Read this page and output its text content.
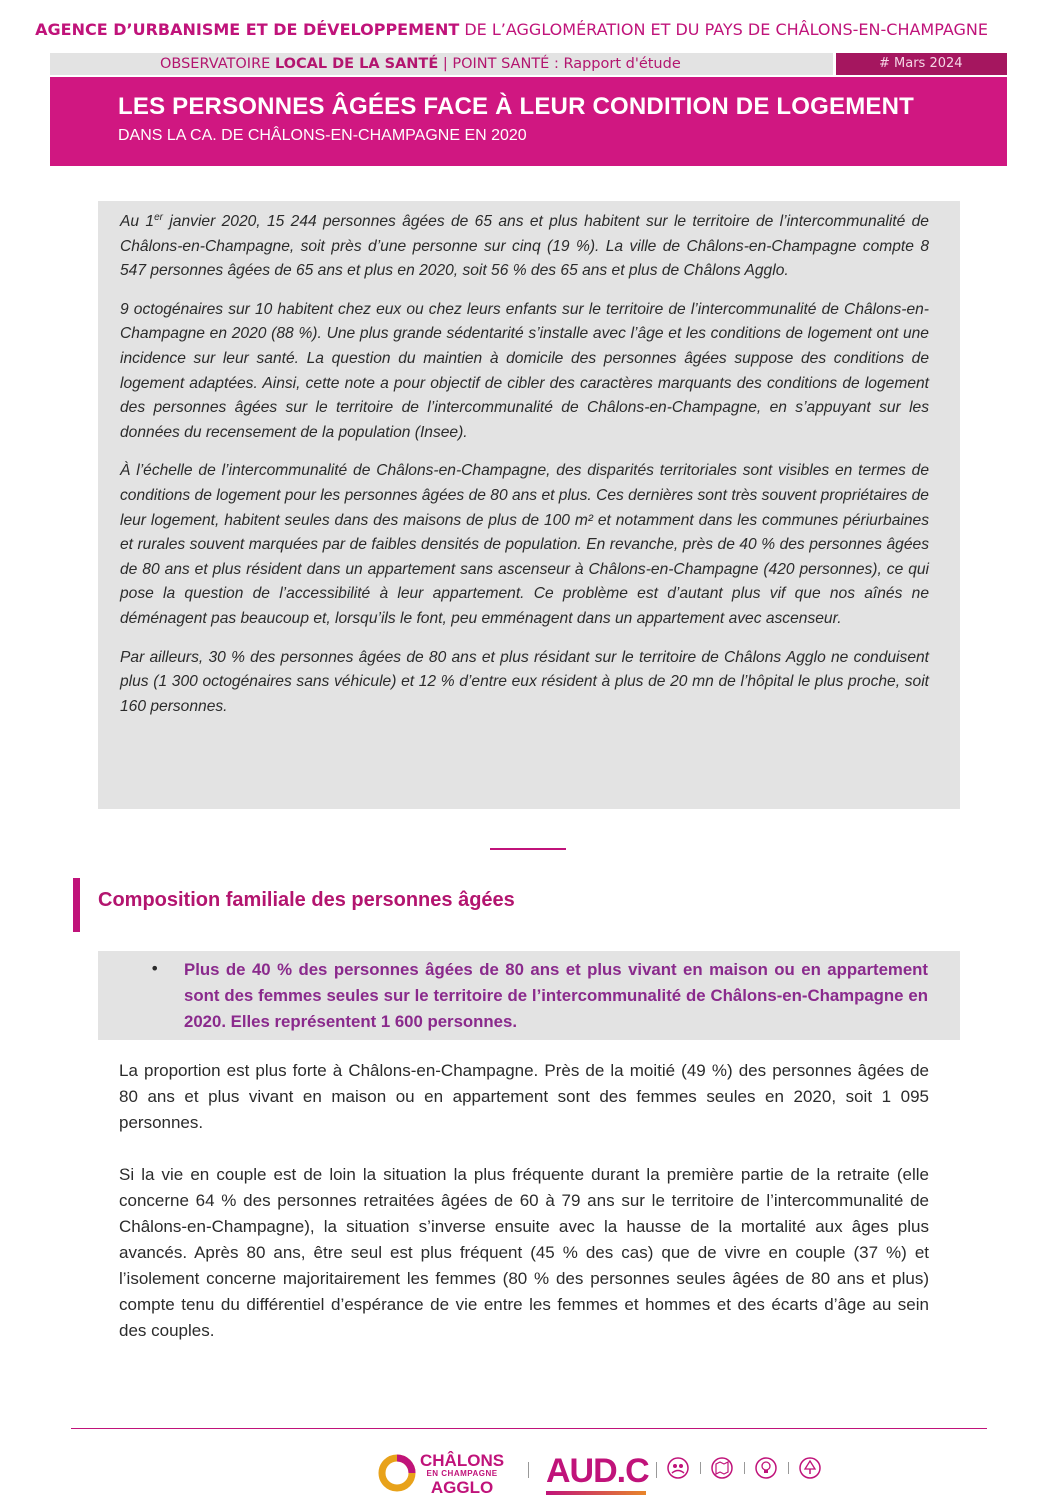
AGENCE D’URBANISME ET DE DÉVELOPPEMENT DE L’AGGLOMÉRATION ET DU PAYS DE CHÂLONS-EN-CHAMPAGNE
OBSERVATOIRE LOCAL DE LA SANTÉ | POINT SANTÉ : Rapport d'étude	# Mars 2024
LES PERSONNES ÂGÉES FACE À LEUR CONDITION DE LOGEMENT
DANS LA CA. DE CHÂLONS-EN-CHAMPAGNE EN 2020

Au 1er janvier 2020, 15 244 personnes âgées de 65 ans et plus habitent sur le territoire de l’intercommunalité de Châlons-en-Champagne, soit près d’une personne sur cinq (19 %). La ville de Châlons-en-Champagne compte 8 547 personnes âgées de 65 ans et plus en 2020, soit 56 % des 65 ans et plus de Châlons Agglo.

9 octogénaires sur 10 habitent chez eux ou chez leurs enfants sur le territoire de l’intercommunalité de Châlons-en-Champagne en 2020 (88 %). Une plus grande sédentarité s’installe avec l’âge et les conditions de logement ont une incidence sur leur santé. La question du maintien à domicile des personnes âgées suppose des conditions de logement adaptées. Ainsi, cette note a pour objectif de cibler des caractères marquants des conditions de logement des personnes âgées sur le territoire de l’intercommunalité de Châlons-en-Champagne, en s’appuyant sur les données du recensement de la population (Insee).

À l’échelle de l’intercommunalité de Châlons-en-Champagne, des disparités territoriales sont visibles en termes de conditions de logement pour les personnes âgées de 80 ans et plus. Ces dernières sont très souvent propriétaires de leur logement, habitent seules dans des maisons de plus de 100 m² et notamment dans les communes périurbaines et rurales souvent marquées par de faibles densités de population. En revanche, près de 40 % des personnes âgées de 80 ans et plus résident dans un appartement sans ascenseur à Châlons-en-Champagne (420 personnes), ce qui pose la question de l’accessibilité à leur appartement. Ce problème est d’autant plus vif que nos aînés ne déménagent pas beaucoup et, lorsqu’ils le font, peu emménagent dans un appartement avec ascenseur.

Par ailleurs, 30 % des personnes âgées de 80 ans et plus résidant sur le territoire de Châlons Agglo ne conduisent plus (1 300 octogénaires sans véhicule) et 12 % d’entre eux résident à plus de 20 mn de l’hôpital le plus proche, soit 160 personnes.

Composition familiale des personnes âgées
• Plus de 40 % des personnes âgées de 80 ans et plus vivant en maison ou en appartement sont des femmes seules sur le territoire de l’intercommunalité de Châlons-en-Champagne en 2020. Elles représentent 1 600 personnes.

La proportion est plus forte à Châlons-en-Champagne. Près de la moitié (49 %) des personnes âgées de 80 ans et plus vivant en maison ou en appartement sont des femmes seules en 2020, soit 1 095 personnes.

Si la vie en couple est de loin la situation la plus fréquente durant la première partie de la retraite (elle concerne 64 % des personnes retraitées âgées de 60 à 79 ans sur le territoire de l’intercommunalité de Châlons-en-Champagne), la situation s’inverse ensuite avec la hausse de la mortalité aux âges plus avancés. Après 80 ans, être seul est plus fréquent (45 % des cas) que de vivre en couple (37 %) et l’isolement concerne majoritairement les femmes (80 % des personnes seules âgées de 80 ans et plus) compte tenu du différentiel d’espérance de vie entre les femmes et hommes et des écarts d’âge au sein des couples.

CHÂLONS
EN CHAMPAGNE
AGGLO	AUD.C
